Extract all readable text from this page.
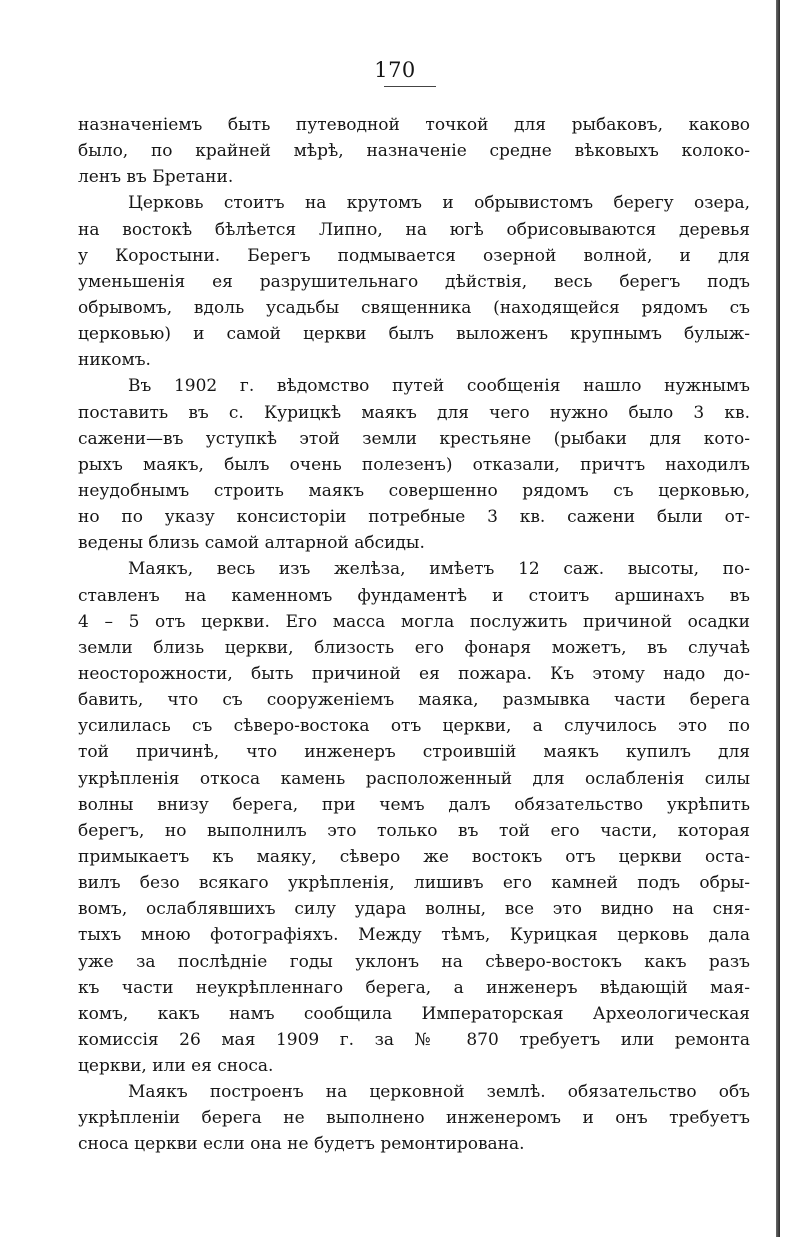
170
назначеніемъ быть путеводной точкой для рыбаковъ, каково
было, по крайней мѣрѣ, назначеніе средне вѣковыхъ колоко-
ленъ въ Бретани.
Церковь стоитъ на крутомъ и обрывистомъ берегу озера,
на востокѣ бѣлѣется Липно, на югѣ обрисовываются деревья
у Коростыни. Берегъ подмывается озерной волной, и для
уменьшенія ея разрушительнаго дѣйствія, весь берегъ подъ
обрывомъ, вдоль усадьбы священника (находящейся рядомъ съ
церковью) и самой церкви былъ выложенъ крупнымъ булыж-
никомъ.
Въ 1902 г. вѣдомство путей сообщенія нашло нужнымъ
поставить въ с. Курицкѣ маякъ для чего нужно было 3 кв.
сажени—въ уступкѣ этой земли крестьяне (рыбаки для кото-
рыхъ маякъ, былъ очень полезенъ) отказали, причтъ находилъ
неудобнымъ строить маякъ совершенно рядомъ съ церковью,
но по указу консисторіи потребные 3 кв. сажени были от-
ведены близь самой алтарной абсиды.
Маякъ, весь изъ желѣза, имѣетъ 12 саж. высоты, по-
ставленъ на каменномъ фундаментѣ и стоитъ аршинахъ въ
4 – 5 отъ церкви. Его масса могла послужить причиной осадки
земли близь церкви, близость его фонаря можетъ, въ случаѣ
неосторожности, быть причиной ея пожара. Къ этому надо до-
бавить, что съ сооруженіемъ маяка, размывка части берега
усилилась съ сѣверо-востока отъ церкви, а случилось это по
той причинѣ, что инженеръ строившій маякъ купилъ для
укрѣпленія откоса камень расположенный для ослабленія силы
волны внизу берега, при чемъ далъ обязательство укрѣпить
берегъ, но выполнилъ это только въ той его части, которая
примыкаетъ къ маяку, сѣверо же востокъ отъ церкви оста-
вилъ безо всякаго укрѣпленія, лишивъ его камней подъ обры-
вомъ, ослаблявшихъ силу удара волны, все это видно на сня-
тыхъ мною фотографіяхъ. Между тѣмъ, Курицкая церковь дала
уже за послѣдніе годы уклонъ на сѣверо-востокъ какъ разъ
къ части неукрѣпленнаго берега, а инженеръ вѣдающій мая-
комъ, какъ намъ сообщила Императорская Археологическая
комиссія 26 мая 1909 г. за № 870 требуетъ или ремонта
церкви, или ея сноса.
Маякъ построенъ на церковной землѣ. обязательство объ
укрѣпленіи берега не выполнено инженеромъ и онъ требуетъ
сноса церкви если она не будетъ ремонтированa.
